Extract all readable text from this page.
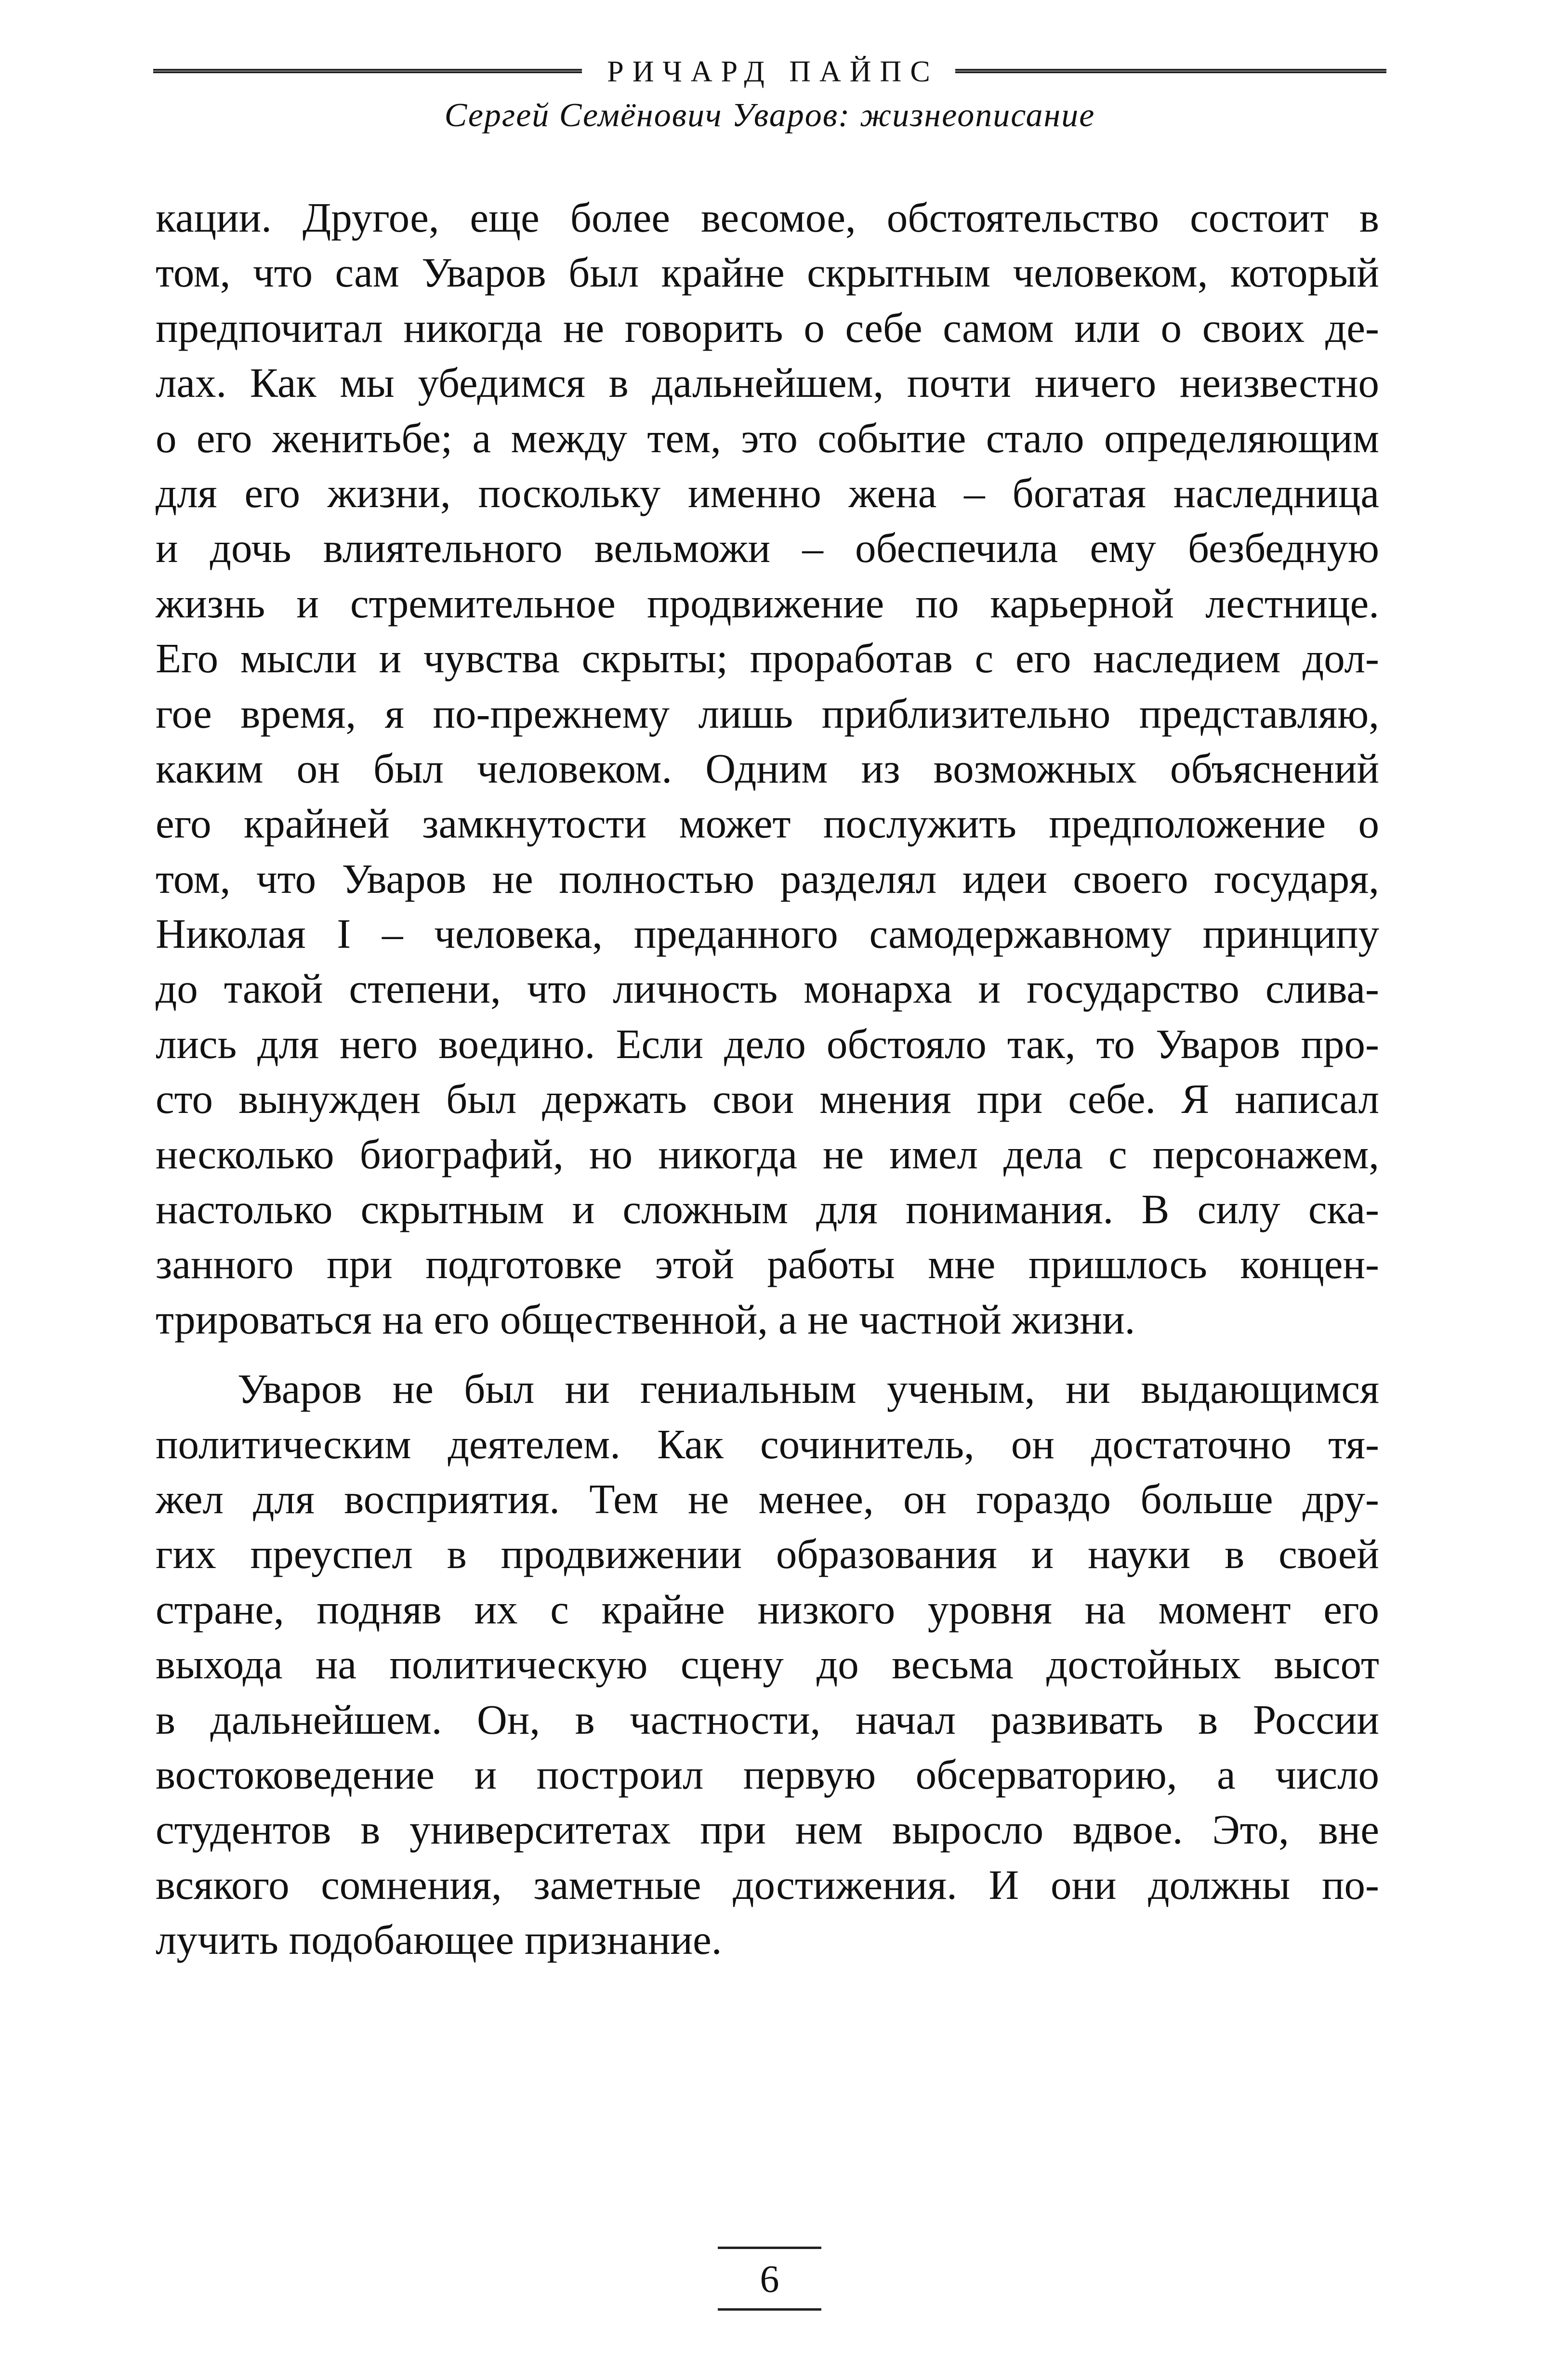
РИЧАРД ПАЙПС
Сергей Семёнович Уваров: жизнеописание
кации. Другое, еще более весомое, обстоятельство состоит в
том, что сам Уваров был крайне скрытным человеком, который
предпочитал никогда не говорить о себе самом или о своих де-
лах. Как мы убедимся в дальнейшем, почти ничего неизвестно
о его женитьбе; а между тем, это событие стало определяющим
для его жизни, поскольку именно жена – богатая наследница
и дочь влиятельного вельможи – обеспечила ему безбедную
жизнь и стремительное продвижение по карьерной лестнице.
Его мысли и чувства скрыты; проработав с его наследием дол-
гое время, я по-прежнему лишь приблизительно представляю,
каким он был человеком. Одним из возможных объяснений
его крайней замкнутости может послужить предположение о
том, что Уваров не полностью разделял идеи своего государя,
Николая I – человека, преданного самодержавному принципу
до такой степени, что личность монарха и государство слива-
лись для него воедино. Если дело обстояло так, то Уваров про-
сто вынужден был держать свои мнения при себе. Я написал
несколько биографий, но никогда не имел дела с персонажем,
настолько скрытным и сложным для понимания. В силу ска-
занного при подготовке этой работы мне пришлось концен-
трироваться на его общественной, а не частной жизни.
Уваров не был ни гениальным ученым, ни выдающимся
политическим деятелем. Как сочинитель, он достаточно тя-
жел для восприятия. Тем не менее, он гораздо больше дру-
гих преуспел в продвижении образования и науки в своей
стране, подняв их с крайне низкого уровня на момент его
выхода на политическую сцену до весьма достойных высот
в дальнейшем. Он, в частности, начал развивать в России
востоковедение и построил первую обсерваторию, а число
студентов в университетах при нем выросло вдвое. Это, вне
всякого сомнения, заметные достижения. И они должны по-
лучить подобающее признание.
6
